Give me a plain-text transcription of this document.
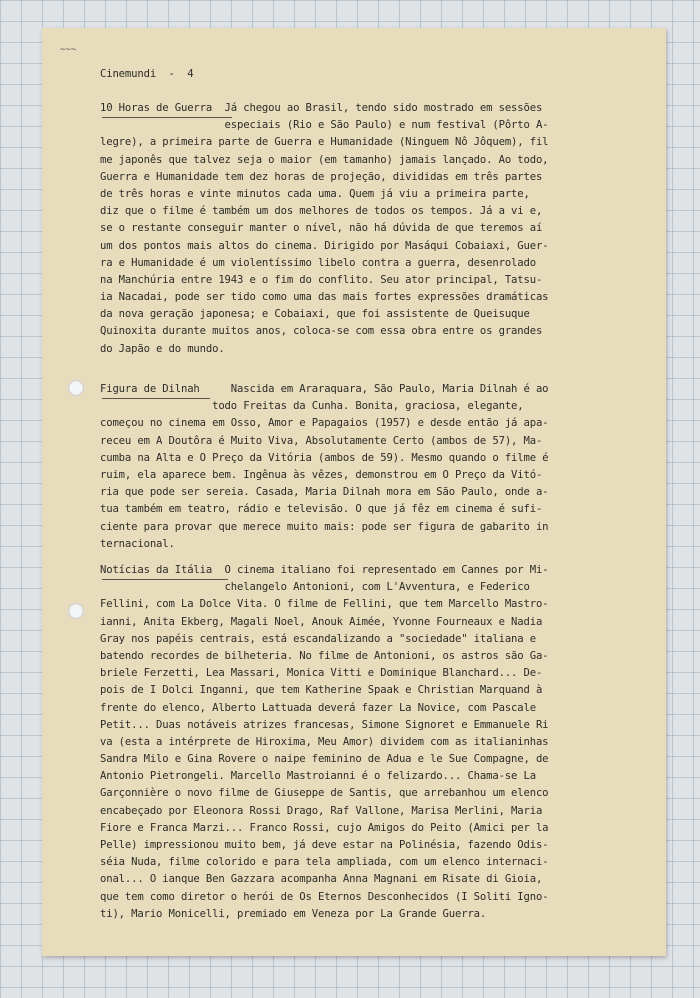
~~~
Cinemundi  -  4
10 Horas de Guerra  Já chegou ao Brasil, tendo sido mostrado em sessões
especiais (Rio e São Paulo) e num festival (Pôrto A-
legre), a primeira parte de Guerra e Humanidade (Ninguem Nô Jôquem), fil
me japonês que talvez seja o maior (em tamanho) jamais lançado. Ao todo,
Guerra e Humanidade tem dez horas de projeção, divididas em três partes
de três horas e vinte minutos cada uma. Quem já viu a primeira parte,
diz que o filme é também um dos melhores de todos os tempos. Já a vi e,
se o restante conseguir manter o nível, não há dúvida de que teremos aí
um dos pontos mais altos do cinema. Dirigido por Masáqui Cobaiaxi, Guer-
ra e Humanidade é um violentíssimo libelo contra a guerra, desenrolado
na Manchúria entre 1943 e o fim do conflito. Seu ator principal, Tatsu-
ia Nacadai, pode ser tido como uma das mais fortes expressões dramáticas
da nova geração japonesa; e Cobaiaxi, que foi assistente de Queisuque
Quinoxita durante muitos anos, coloca-se com essa obra entre os grandes
do Japão e do mundo.
Figura de Dilnah     Nascida em Araraquara, São Paulo, Maria Dilnah é ao
todo Freitas da Cunha. Bonita, graciosa, elegante,
começou no cinema em Osso, Amor e Papagaios (1957) e desde então já apa-
receu em A Doutôra é Muito Viva, Absolutamente Certo (ambos de 57), Ma-
cumba na Alta e O Preço da Vitória (ambos de 59). Mesmo quando o filme é
ruim, ela aparece bem. Ingênua às vêzes, demonstrou em O Preço da Vitó-
ria que pode ser sereia. Casada, Maria Dilnah mora em São Paulo, onde a-
tua também em teatro, rádio e televisão. O que já fêz em cinema é sufi-
ciente para provar que merece muito mais: pode ser figura de gabarito in
ternacional.
Notícias da Itália  O cinema italiano foi representado em Cannes por Mi-
chelangelo Antonioni, com L'Avventura, e Federico
Fellini, com La Dolce Vita. O filme de Fellini, que tem Marcello Mastro-
ianni, Anita Ekberg, Magali Noel, Anouk Aimée, Yvonne Fourneaux e Nadia
Gray nos papéis centrais, está escandalizando a "sociedade" italiana e
batendo recordes de bilheteria. No filme de Antonioni, os astros são Ga-
briele Ferzetti, Lea Massari, Monica Vitti e Dominique Blanchard... De-
pois de I Dolci Inganni, que tem Katherine Spaak e Christian Marquand à
frente do elenco, Alberto Lattuada deverá fazer La Novice, com Pascale
Petit... Duas notáveis atrizes francesas, Simone Signoret e Emmanuele Ri
va (esta a intérprete de Hiroxima, Meu Amor) dividem com as italianinhas
Sandra Milo e Gina Rovere o naipe feminino de Adua e le Sue Compagne, de
Antonio Pietrongeli. Marcello Mastroianni é o felizardo... Chama-se La
Garçonnière o novo filme de Giuseppe de Santis, que arrebanhou um elenco
encabeçado por Eleonora Rossi Drago, Raf Vallone, Marisa Merlini, Maria
Fiore e Franca Marzi... Franco Rossi, cujo Amigos do Peito (Amici per la
Pelle) impressionou muito bem, já deve estar na Polinésia, fazendo Odis-
séia Nuda, filme colorido e para tela ampliada, com um elenco internaci-
onal... O ianque Ben Gazzara acompanha Anna Magnani em Risate di Gioia,
que tem como diretor o herói de Os Eternos Desconhecidos (I Soliti Igno-
ti), Mario Monicelli, premiado em Veneza por La Grande Guerra.
